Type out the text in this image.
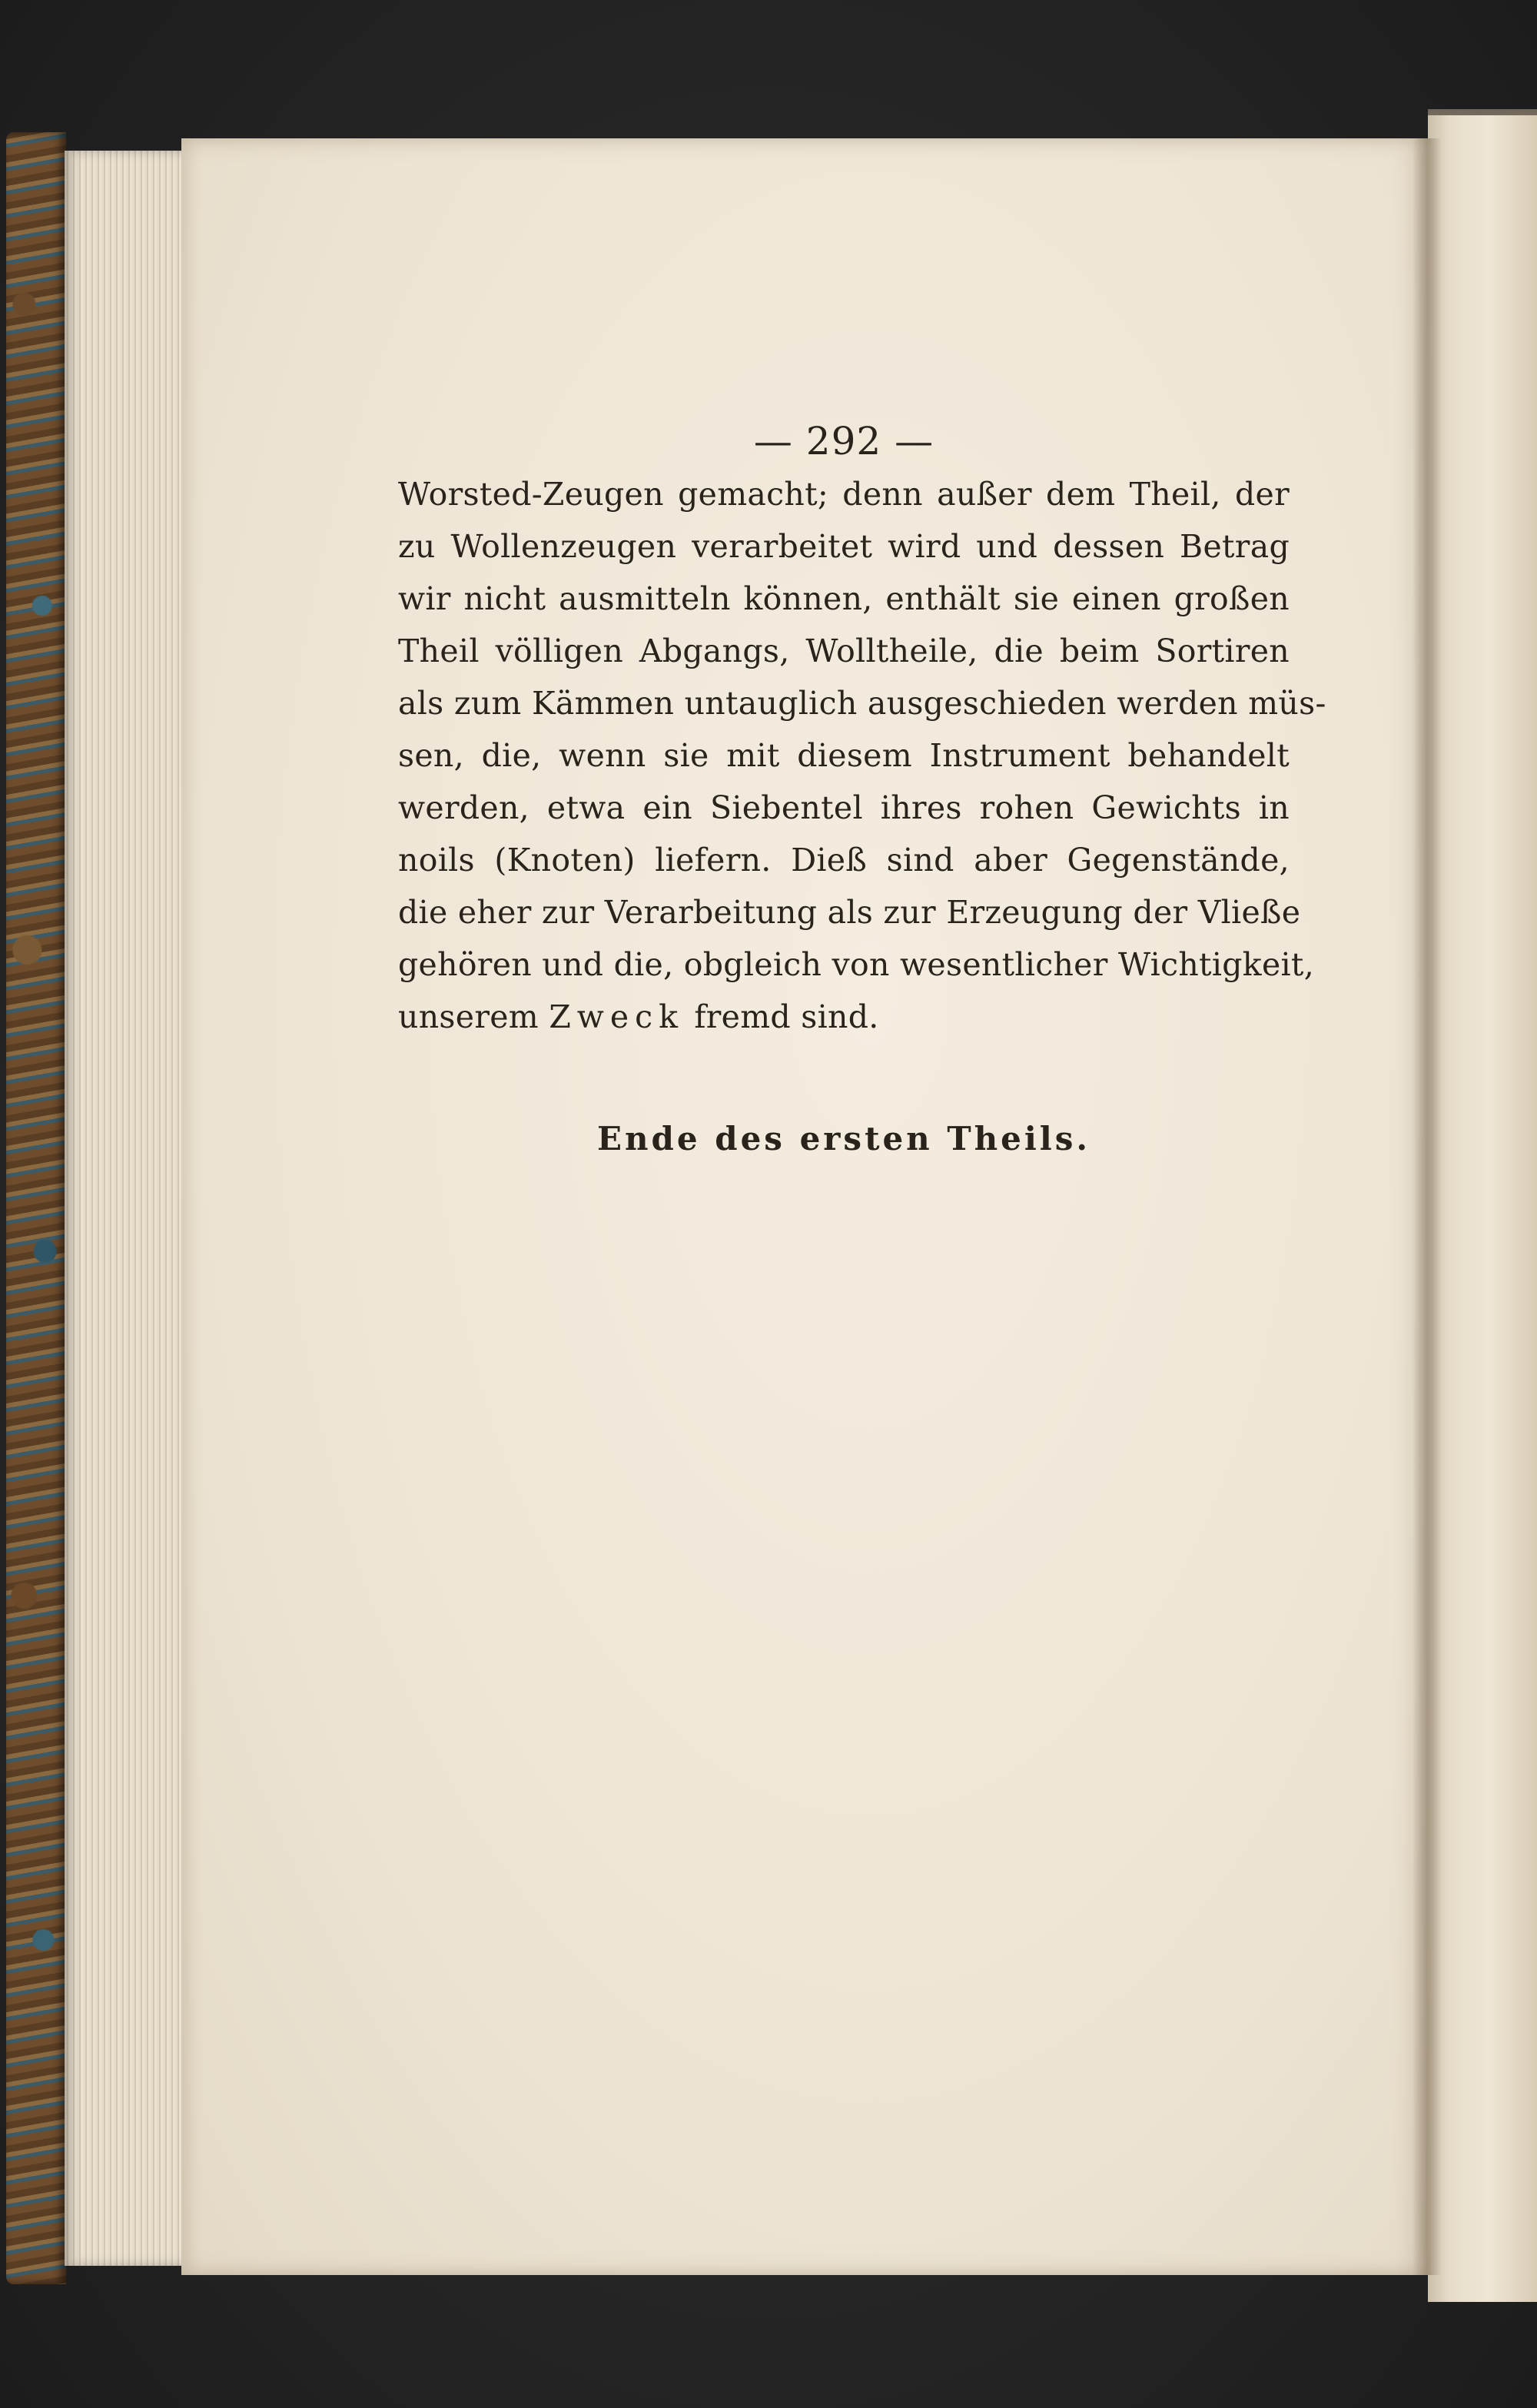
— 292 —
Worsted-Zeugen gemacht; denn außer dem Theil, der
zu Wollenzeugen verarbeitet wird und dessen Betrag
wir nicht ausmitteln können, enthält sie einen großen
Theil völligen Abgangs, Wolltheile, die beim Sortiren
als zum Kämmen untauglich ausgeschieden werden müs-
sen, die, wenn sie mit diesem Instrument behandelt
werden, etwa ein Siebentel ihres rohen Gewichts in
noils (Knoten) liefern. Dieß sind aber Gegenstände,
die eher zur Verarbeitung als zur Erzeugung der Vließe
gehören und die, obgleich von wesentlicher Wichtigkeit,
unserem Zweck fremd sind.
Ende des ersten Theils.
